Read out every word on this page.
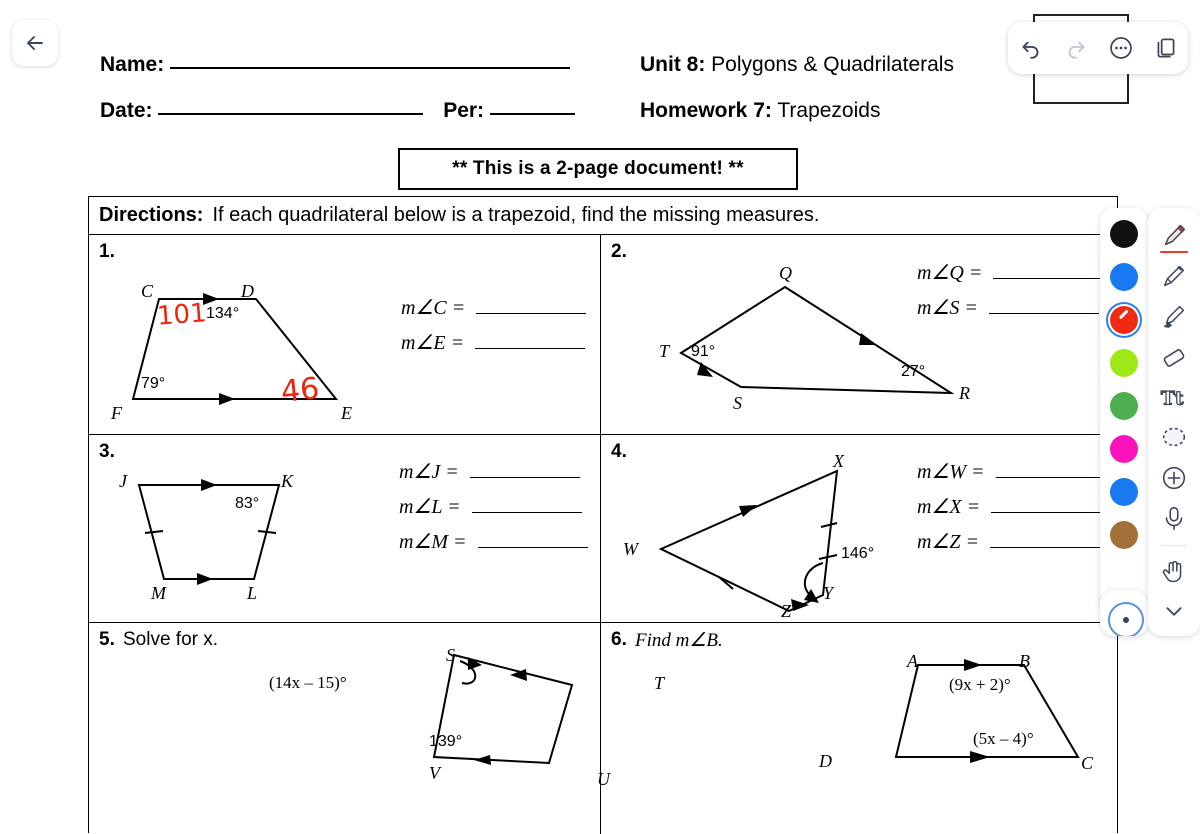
Name:	Unit 8: Polygons & Quadrilaterals
Date:	Per:	Homework 7: Trapezoids
** This is a 2-page document! **
Directions: If each quadrilateral below is a trapezoid, find the missing measures.
1.
C	D
E
F
134°
79°
101
46
m∠C =
m∠E =
2.
Q
R
S
T 91°
27°
m∠Q =
m∠S =
3.
J	K
L
M
83°
m∠J =
m∠L =
m∠M =
4.	X
W
Y
Z
146°
m∠W =
m∠X =
m∠Z =
5. Solve for x.
S
T
U
V
(14x – 15)°
139°
6. Find m∠B.
A	B
C
D
(9x + 2)°
(5x – 4)°
Tt
